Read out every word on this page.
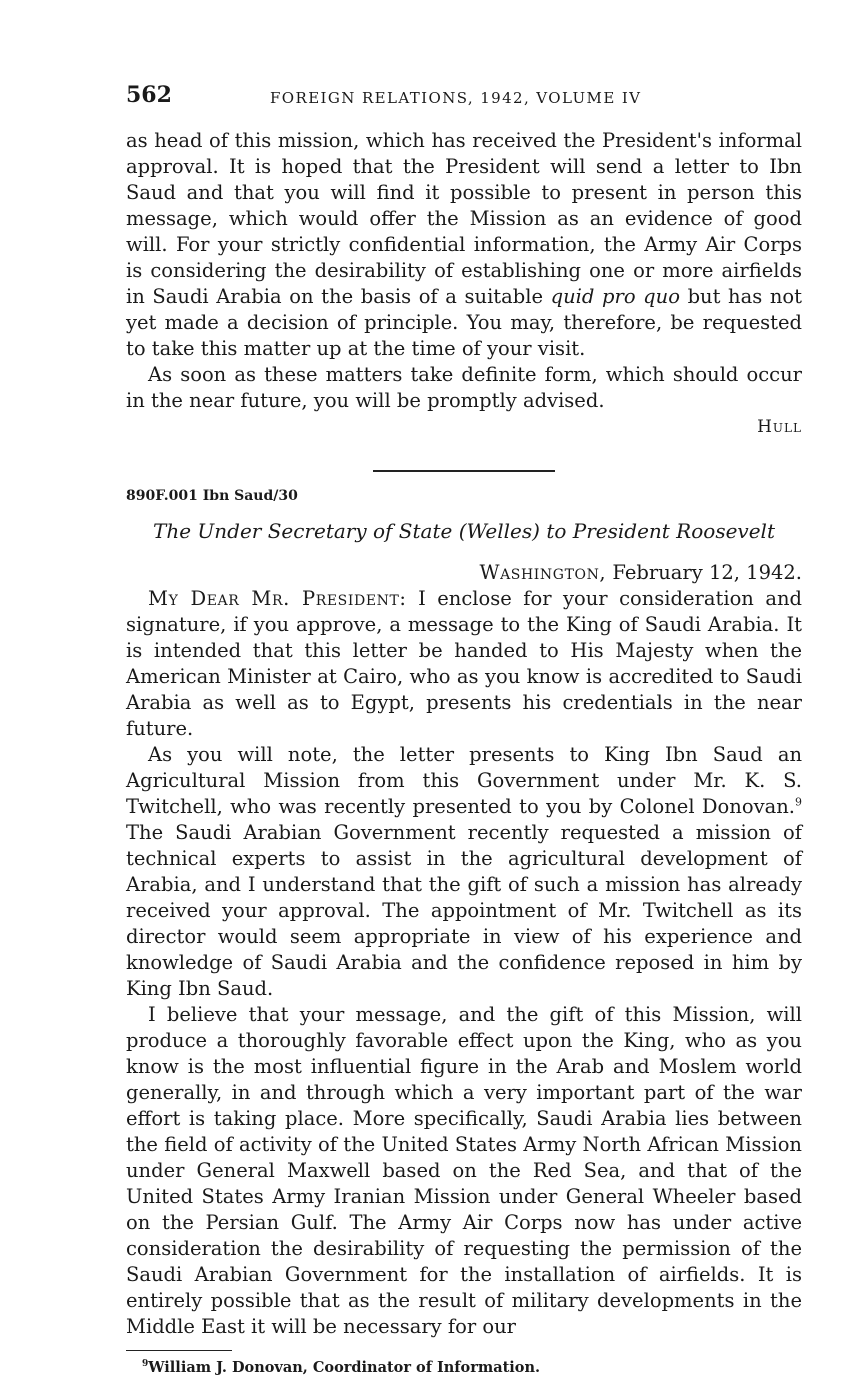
562	FOREIGN RELATIONS, 1942, VOLUME IV

as head of this mission, which has received the President's informal approval. It is hoped that the President will send a letter to Ibn Saud and that you will find it possible to present in person this message, which would offer the Mission as an evidence of good will. For your strictly confidential information, the Army Air Corps is considering the desirability of establishing one or more airfields in Saudi Arabia on the basis of a suitable quid pro quo but has not yet made a decision of principle. You may, therefore, be requested to take this matter up at the time of your visit.

As soon as these matters take definite form, which should occur in the near future, you will be promptly advised.

Hull

890F.001 Ibn Saud/30
The Under Secretary of State (Welles) to President Roosevelt
Washington, February 12, 1942.

My Dear Mr. President: I enclose for your consideration and signature, if you approve, a message to the King of Saudi Arabia. It is intended that this letter be handed to His Majesty when the American Minister at Cairo, who as you know is accredited to Saudi Arabia as well as to Egypt, presents his credentials in the near future.

As you will note, the letter presents to King Ibn Saud an Agricultural Mission from this Government under Mr. K. S. Twitchell, who was recently presented to you by Colonel Donovan.$^9$ The Saudi Arabian Government recently requested a mission of technical experts to assist in the agricultural development of Arabia, and I understand that the gift of such a mission has already received your approval. The appointment of Mr. Twitchell as its director would seem appropriate in view of his experience and knowledge of Saudi Arabia and the confidence reposed in him by King Ibn Saud.

I believe that your message, and the gift of this Mission, will produce a thoroughly favorable effect upon the King, who as you know is the most influential figure in the Arab and Moslem world generally, in and through which a very important part of the war effort is taking place. More specifically, Saudi Arabia lies between the field of activity of the United States Army North African Mission under General Maxwell based on the Red Sea, and that of the United States Army Iranian Mission under General Wheeler based on the Persian Gulf. The Army Air Corps now has under active consideration the desirability of requesting the permission of the Saudi Arabian Government for the installation of airfields. It is entirely possible that as the result of military developments in the Middle East it will be necessary for our

$^9$William J. Donovan, Coordinator of Information.
